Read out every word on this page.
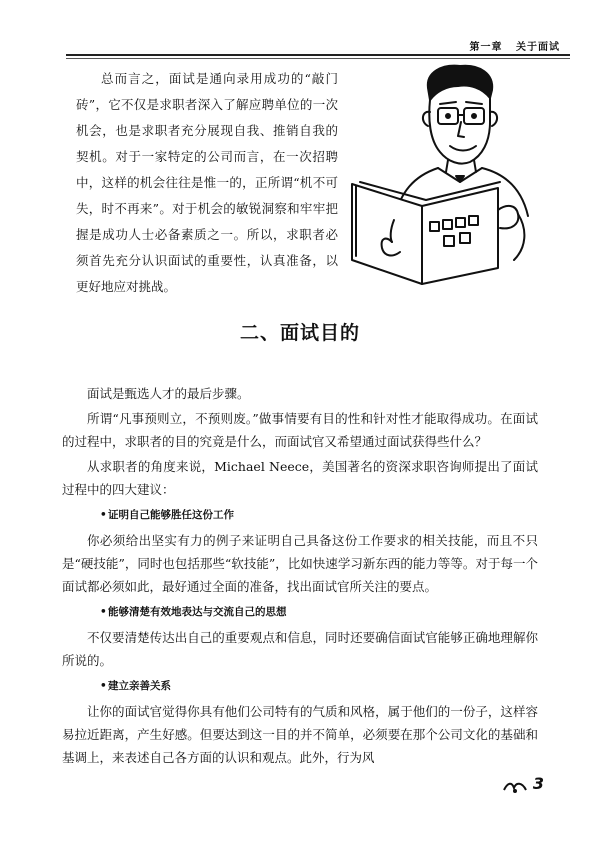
第一章 关于面试

总而言之，面试是通向录用成功的“敲门砖”，它不仅是求职者深入了解应聘单位的一次机会，也是求职者充分展现自我、推销自我的契机。对于一家特定的公司而言，在一次招聘中，这样的机会往往是惟一的，正所谓“机不可失，时不再来”。对于机会的敏锐洞察和牢牢把握是成功人士必备素质之一。所以，求职者必须首先充分认识面试的重要性，认真准备，以更好地应对挑战。

二、面试目的

面试是甄选人才的最后步骤。

所谓“凡事预则立，不预则废。”做事情要有目的性和针对性才能取得成功。在面试的过程中，求职者的目的究竟是什么，而面试官又希望通过面试获得些什么？

从求职者的角度来说，Michael Neece，美国著名的资深求职咨询师提出了面试过程中的四大建议：

• 证明自己能够胜任这份工作

你必须给出坚实有力的例子来证明自己具备这份工作要求的相关技能，而且不只是“硬技能”，同时也包括那些“软技能”，比如快速学习新东西的能力等等。对于每一个面试都必须如此，最好通过全面的准备，找出面试官所关注的要点。

• 能够清楚有效地表达与交流自己的思想

不仅要清楚传达出自己的重要观点和信息，同时还要确信面试官能够正确地理解你所说的。

• 建立亲善关系

让你的面试官觉得你具有他们公司特有的气质和风格，属于他们的一份子，这样容易拉近距离，产生好感。但要达到这一目的并不简单，必须要在那个公司文化的基础和基调上，来表述自己各方面的认识和观点。此外，行为风

3
